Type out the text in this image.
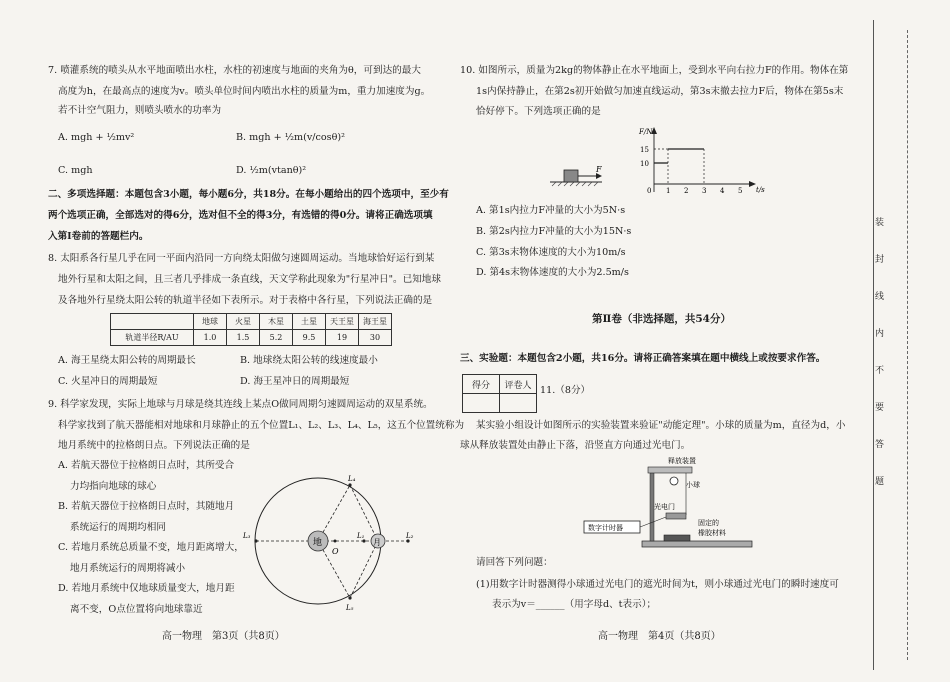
7. 喷灌系统的喷头从水平地面喷出水柱，水柱的初速度与地面的夹角为θ，可到达的最大
高度为h，在最高点的速度为v。喷头单位时间内喷出水柱的质量为m，重力加速度为g。
若不计空气阻力，则喷头喷水的功率为
A. mgh + ½mv²	B. mgh + ½m(v/cosθ)²
C. mgh	D. ½m(vtanθ)²
二、多项选择题：本题包含3小题，每小题6分，共18分。在每小题给出的四个选项中，至少有
两个选项正确，全部选对的得6分，选对但不全的得3分，有选错的得0分。请将正确选项填
入第Ⅰ卷前的答题栏内。
8. 太阳系各行星几乎在同一平面内沿同一方向绕太阳做匀速圆周运动。当地球恰好运行到某
地外行星和太阳之间，且三者几乎排成一条直线，天文学称此现象为"行星冲日"。已知地球
及各地外行星绕太阳公转的轨道半径如下表所示。对于表格中各行星，下列说法正确的是
	地球	火星	木星	土星	天王星	海王星
轨道半径R/AU	1.0	1.5	5.2	9.5	19	30
A. 海王星绕太阳公转的周期最长	B. 地球绕太阳公转的线速度最小
C. 火星冲日的周期最短	D. 海王星冲日的周期最短
9. 科学家发现，实际上地球与月球是绕其连线上某点O做同周期匀速圆周运动的双星系统。
科学家找到了航天器能相对地球和月球静止的五个位置L₁、L₂、L₃、L₄、L₅，这五个位置统称为
地月系统中的拉格朗日点。下列说法正确的是
A. 若航天器位于拉格朗日点时，其所受合
力均指向地球的球心
B. 若航天器位于拉格朗日点时，其随地月
系统运行的周期均相同
C. 若地月系统总质量不变，地月距离增大，
地月系统运行的周期将减小
D. 若地月系统中仅地球质量变大，地月距
离不变，O点位置将向地球靠近
地	月
O
L₃	L₁	L₂
L₄
L₅
高一物理　第3页（共8页）
10. 如图所示，质量为2kg的物体静止在水平地面上，受到水平向右拉力F的作用。物体在第
1s内保持静止，在第2s初开始做匀加速直线运动，第3s末撤去拉力F后，物体在第5s末
恰好停下。下列选项正确的是
F
F/N
t/s
0
15
10
1 2 3 4 5
A. 第1s内拉力F冲量的大小为5N·s
B. 第2s内拉力F冲量的大小为15N·s
C. 第3s末物体速度的大小为10m/s
D. 第4s末物体速度的大小为2.5m/s
第Ⅱ卷（非选择题，共54分）
三、实验题：本题包含2小题，共16分。请将正确答案填在题中横线上或按要求作答。
得分	评卷人
	11.（8分）
某实验小组设计如图所示的实验装置来验证"动能定理"。小球的质量为m，直径为d，小
球从释放装置处由静止下落，沿竖直方向通过光电门。
释放装置
小球
光电门
固定的
橡胶材料
数字计时器
请回答下列问题：
(1)用数字计时器测得小球通过光电门的遮光时间为t，则小球通过光电门的瞬时速度可
表示为v＝______（用字母d、t表示）；
高一物理　第4页（共8页）
装
封
线
内
不
要
答
题
